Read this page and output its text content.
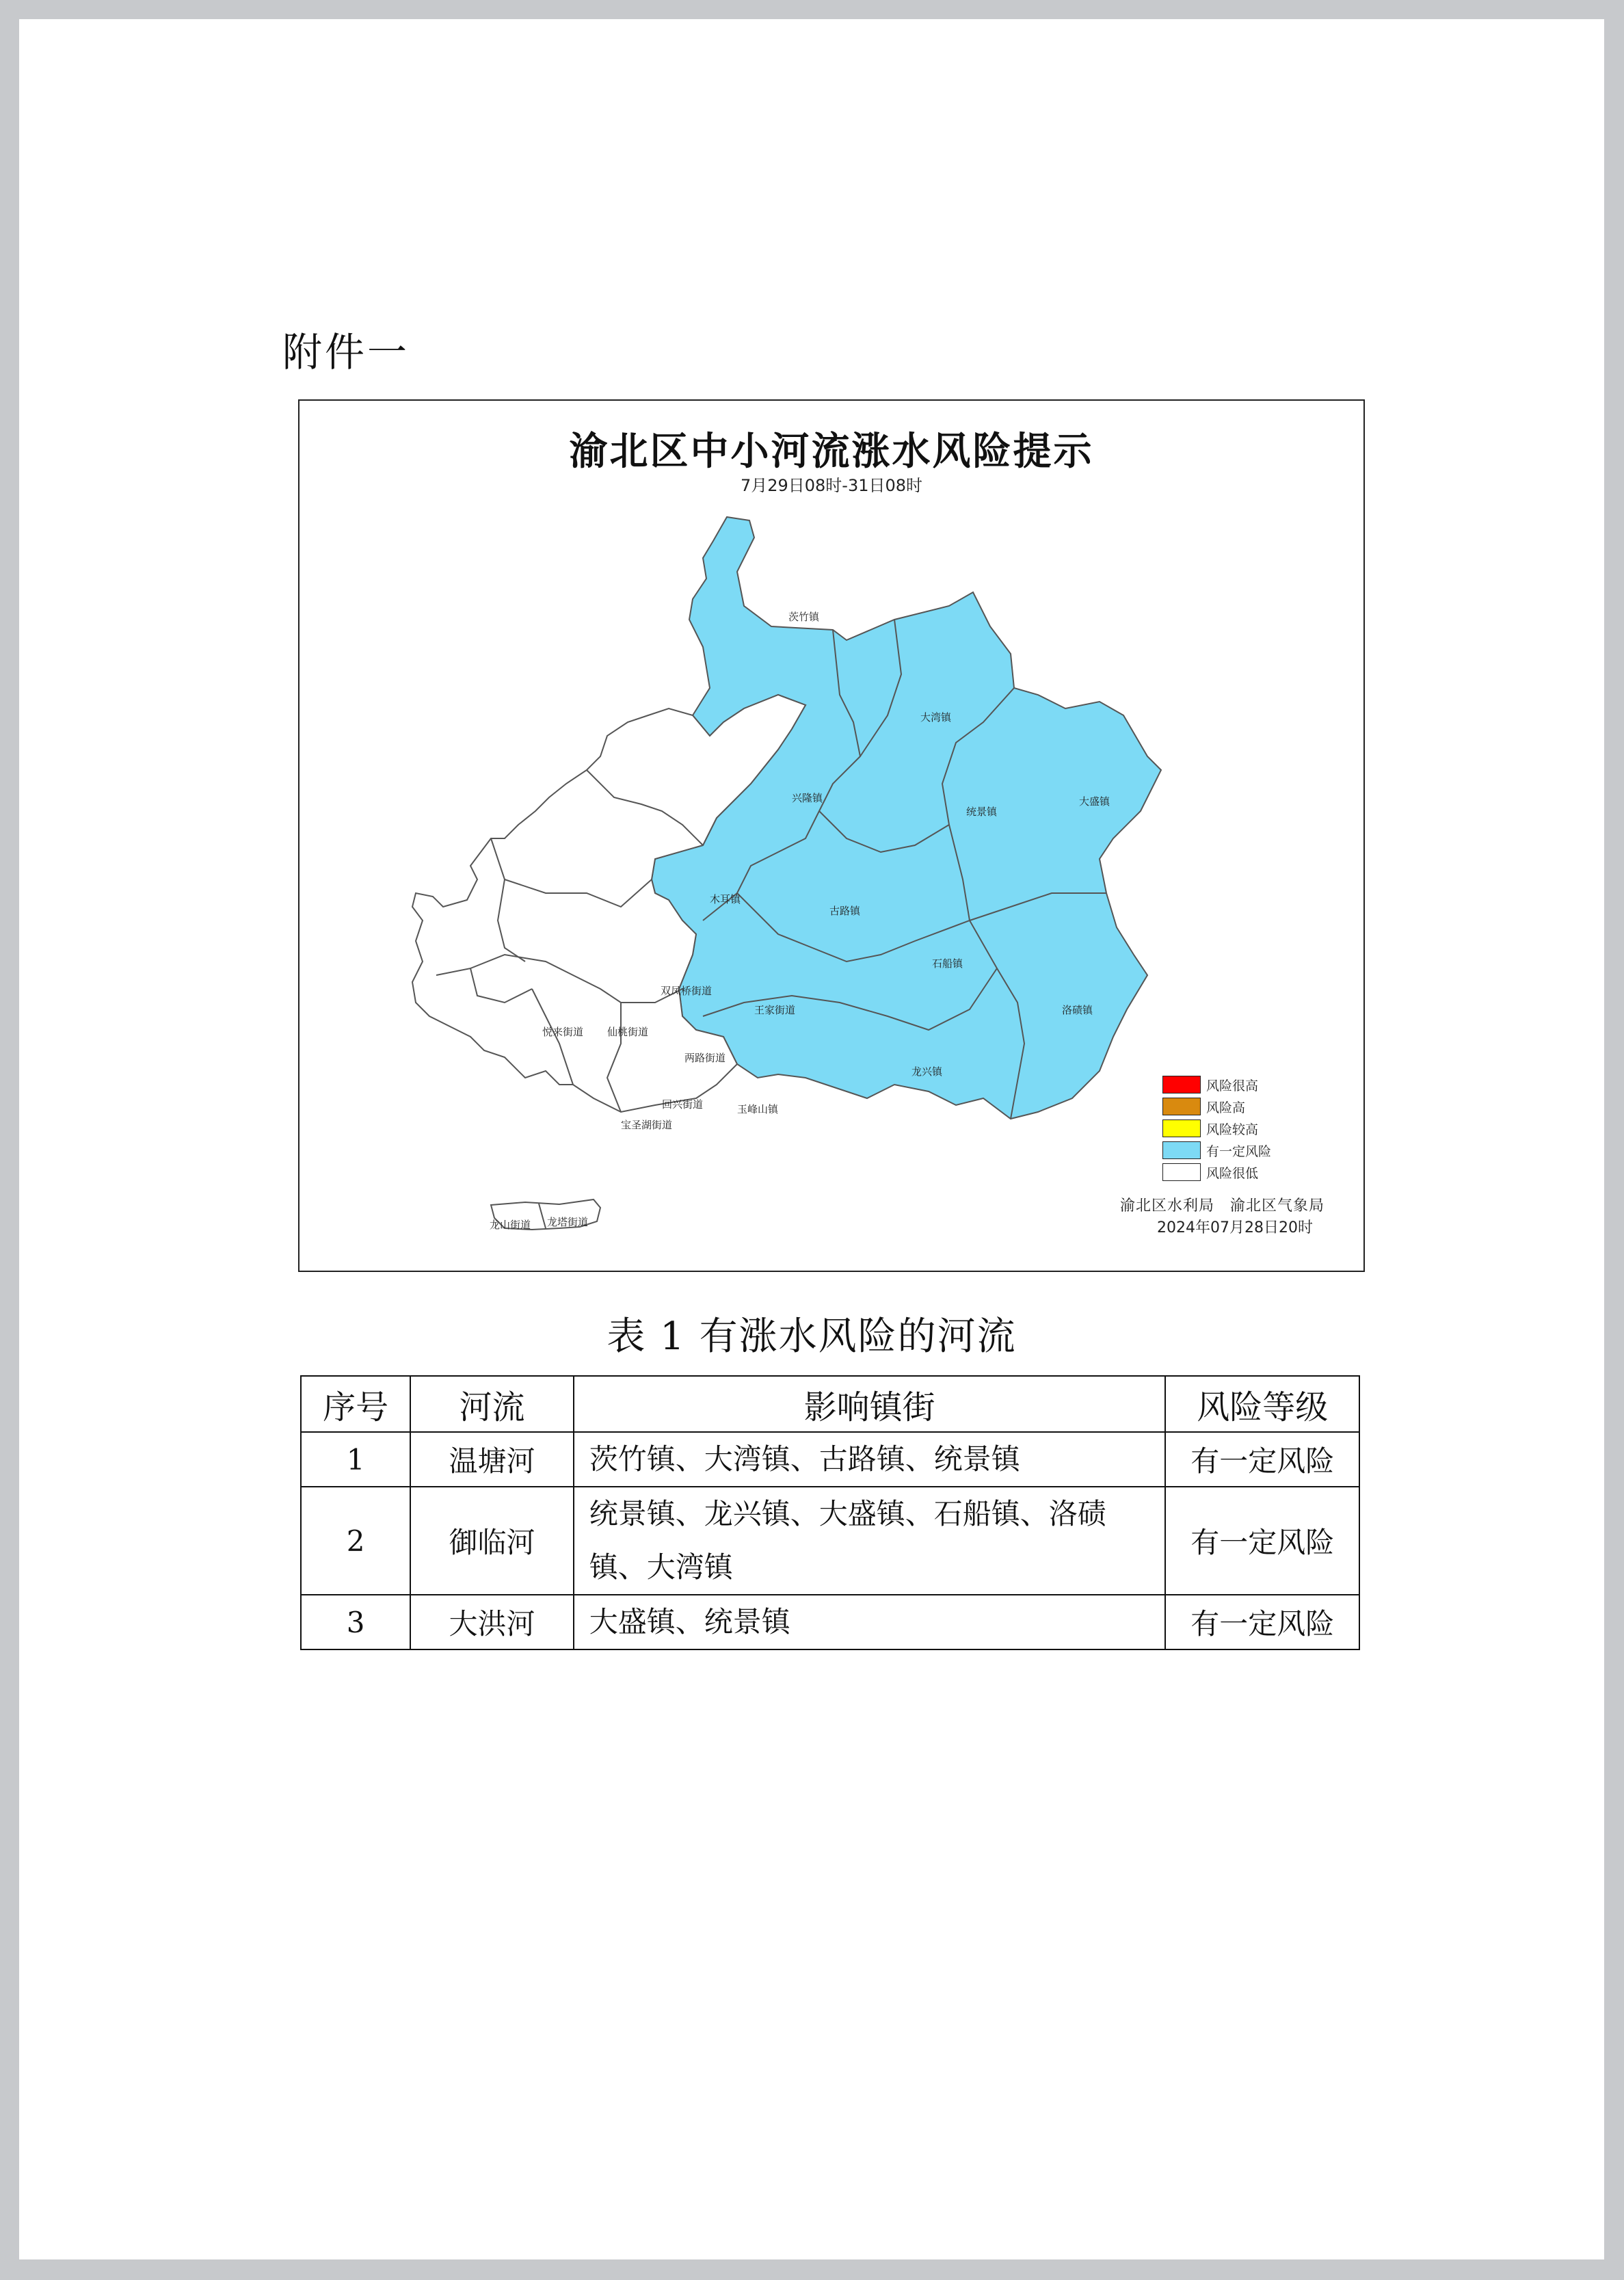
附件一
渝北区中小河流涨水风险提示
7月29日08时-31日08时
茨竹镇
大湾镇
兴隆镇
统景镇
大盛镇
木耳镇
古路镇
石船镇
洛碛镇
龙兴镇
双凤桥街道
王家街道
悦来街道 仙桃街道
两路街道
回兴街道	玉峰山镇
宝圣湖街道
龙山街道 龙塔街道
风险很高
风险高
风险较高
有一定风险
风险很低
渝北区水利局　渝北区气象局
2024年07月28日20时
表 1 有涨水风险的河流
序号	河流	影响镇街	风险等级
1	温塘河	茨竹镇、大湾镇、古路镇、统景镇	有一定风险
2	御临河	统景镇、龙兴镇、大盛镇、石船镇、洛碛镇、大湾镇	有一定风险
3	大洪河	大盛镇、统景镇	有一定风险
